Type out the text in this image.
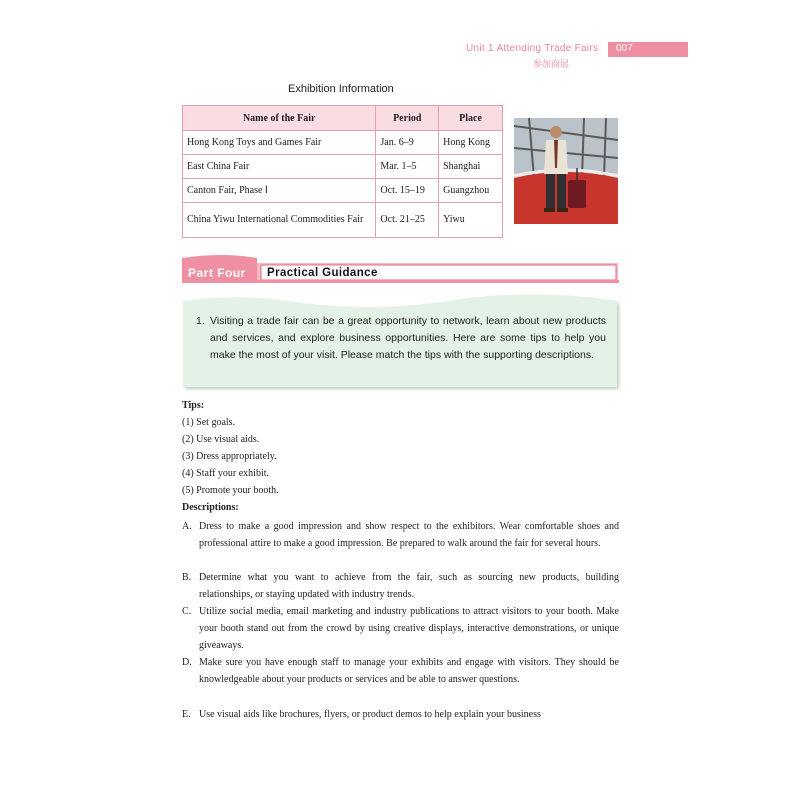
Unit 1 Attending Trade Fairs 007
参加商展
Exhibition Information
Name of the Fair	Period	Place
Hong Kong Toys and Games Fair	Jan. 6–9	Hong Kong
East China Fair	Mar. 1–5	Shanghai
Canton Fair, Phase Ⅰ	Oct. 15–19	Guangzhou
China Yiwu International Commodities Fair	Oct. 21–25	Yiwu
Part Four Practical Guidance
1. Visiting a trade fair can be a great opportunity to network, learn about new products and services, and explore business opportunities. Here are some tips to help you make the most of your visit. Please match the tips with the supporting descriptions.
Tips:
(1) Set goals.
(2) Use visual aids.
(3) Dress appropriately.
(4) Staff your exhibit.
(5) Promote your booth.
Descriptions:
A. Dress to make a good impression and show respect to the exhibitors. Wear comfortable shoes and professional attire to make a good impression. Be prepared to walk around the fair for several hours.
B. Determine what you want to achieve from the fair, such as sourcing new products, building relationships, or staying updated with industry trends.
C. Utilize social media, email marketing and industry publications to attract visitors to your booth. Make your booth stand out from the crowd by using creative displays, interactive demonstrations, or unique giveaways.
D. Make sure you have enough staff to manage your exhibits and engage with visitors. They should be knowledgeable about your products or services and be able to answer questions.
E. Use visual aids like brochures, flyers, or product demos to help explain your business
